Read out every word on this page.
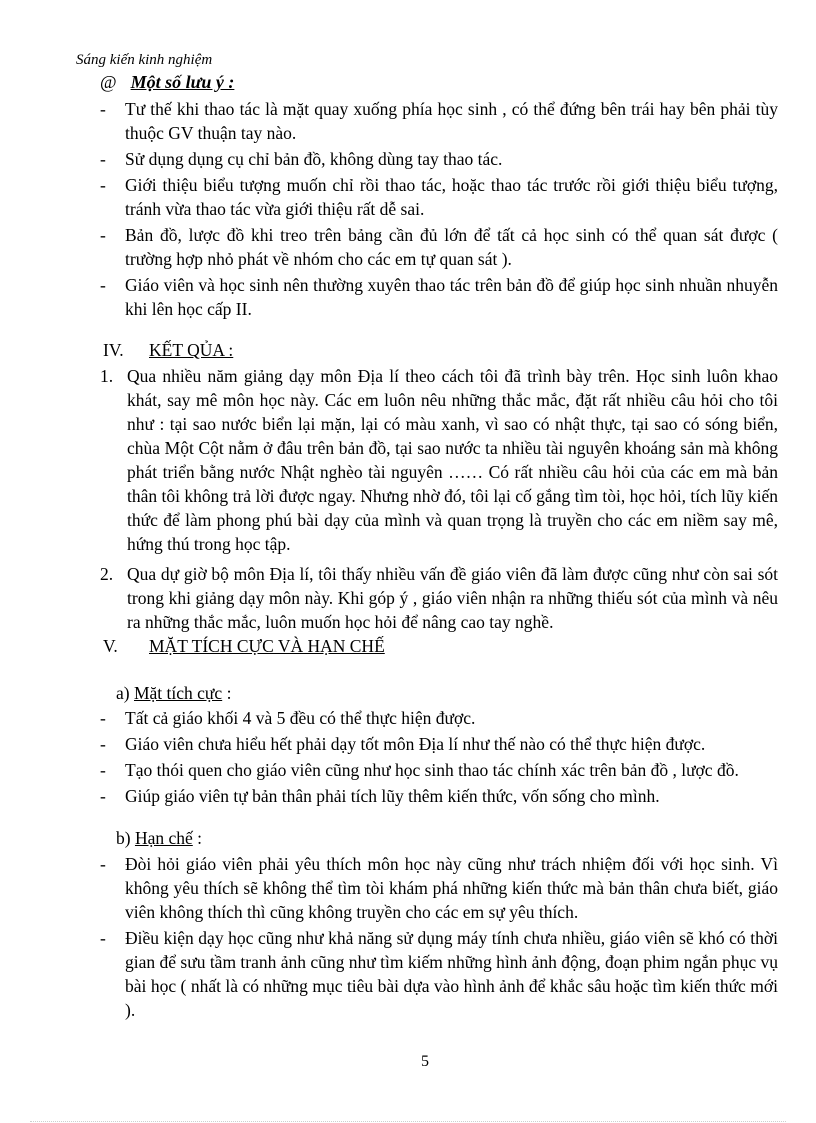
Sáng kiến kinh nghiệm
@ Một số lưu ý :
- Tư thế khi thao tác là mặt quay xuống phía học sinh , có thể đứng bên trái hay bên phải tùy thuộc GV thuận tay nào.
- Sử dụng dụng cụ chỉ bản đồ, không dùng tay thao tác.
- Giới thiệu biểu tượng muốn chỉ rồi thao tác, hoặc thao tác trước rồi giới thiệu biểu tượng, tránh vừa thao tác vừa giới thiệu rất dễ sai.
- Bản đồ, lược đồ khi treo trên bảng cần đủ lớn để tất cả học sinh có thể quan sát được ( trường hợp nhỏ phát về nhóm cho các em tự quan sát ).
- Giáo viên và học sinh nên thường xuyên thao tác trên bản đồ để giúp học sinh nhuần nhuyễn khi lên học cấp II.
IV. KẾT QỦA :
1. Qua nhiều năm giảng dạy môn Địa lí theo cách tôi đã trình bày trên. Học sinh luôn khao khát, say mê môn học này. Các em luôn nêu những thắc mắc, đặt rất nhiều câu hỏi cho tôi như : tại sao nước biển lại mặn, lại có màu xanh, vì sao có nhật thực, tại sao có sóng biển, chùa Một Cột nằm ở đâu trên bản đồ, tại sao nước ta nhiều tài nguyên khoáng sản mà không phát triển bằng nước Nhật nghèo tài nguyên …… Có rất nhiều câu hỏi của các em mà bản thân tôi không trả lời được ngay. Nhưng nhờ đó, tôi lại cố gắng tìm tòi, học hỏi, tích lũy kiến thức để làm phong phú bài dạy của mình và quan trọng là truyền cho các em niềm say mê, hứng thú trong học tập.
2. Qua dự giờ bộ môn Địa lí, tôi thấy nhiều vấn đề giáo viên đã làm được cũng như còn sai sót trong khi giảng dạy môn này. Khi góp ý , giáo viên nhận ra những thiếu sót của mình và nêu ra những thắc mắc, luôn muốn học hỏi để nâng cao tay nghề.
V. MẶT TÍCH CỰC VÀ HẠN CHẾ
a) Mặt tích cực :
- Tất cả giáo khối 4 và 5 đều có thể thực hiện được.
- Giáo viên chưa hiểu hết phải dạy tốt môn Địa lí như thế nào có thể thực hiện được.
- Tạo thói quen cho giáo viên cũng như học sinh thao tác chính xác trên bản đồ , lược đồ.
- Giúp giáo viên tự bản thân phải tích lũy thêm kiến thức, vốn sống cho mình.
b) Hạn chế :
- Đòi hỏi giáo viên phải yêu thích môn học này cũng như trách nhiệm đối với học sinh. Vì không yêu thích sẽ không thể tìm tòi khám phá những kiến thức mà bản thân chưa biết, giáo viên không thích thì cũng không truyền cho các em sự yêu thích.
- Điều kiện dạy học cũng như khả năng sử dụng máy tính chưa nhiều, giáo viên sẽ khó có thời gian để sưu tầm tranh ảnh cũng như tìm kiếm những hình ảnh động, đoạn phim ngắn phục vụ bài học ( nhất là có những mục tiêu bài dựa vào hình ảnh để khắc sâu hoặc tìm kiến thức mới ).
5
